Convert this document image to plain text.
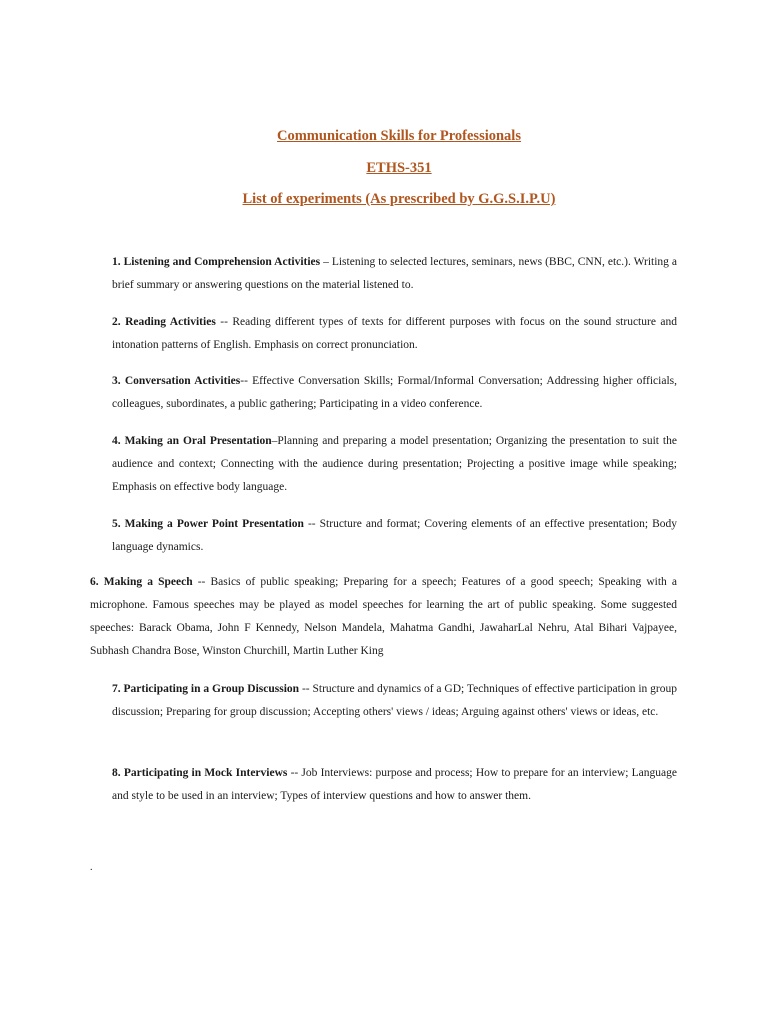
Communication Skills for Professionals

ETHS-351

List of experiments (As prescribed by G.G.S.I.P.U)

1. Listening and Comprehension Activities – Listening to selected lectures, seminars, news (BBC, CNN, etc.). Writing a brief summary or answering questions on the material listened to.

2. Reading Activities -- Reading different types of texts for different purposes with focus on the sound structure and intonation patterns of English. Emphasis on correct pronunciation.

3. Conversation Activities-- Effective Conversation Skills; Formal/Informal Conversation; Addressing higher officials, colleagues, subordinates, a public gathering; Participating in a video conference.

4. Making an Oral Presentation–Planning and preparing a model presentation; Organizing the presentation to suit the audience and context; Connecting with the audience during presentation; Projecting a positive image while speaking; Emphasis on effective body language.

5. Making a Power Point Presentation -- Structure and format; Covering elements of an effective presentation; Body language dynamics.

6. Making a Speech -- Basics of public speaking; Preparing for a speech; Features of a good speech; Speaking with a microphone. Famous speeches may be played as model speeches for learning the art of public speaking. Some suggested speeches: Barack Obama, John F Kennedy, Nelson Mandela, Mahatma Gandhi, JawaharLal Nehru, Atal Bihari Vajpayee, Subhash Chandra Bose, Winston Churchill, Martin Luther King

7. Participating in a Group Discussion -- Structure and dynamics of a GD; Techniques of effective participation in group discussion; Preparing for group discussion; Accepting others' views / ideas; Arguing against others' views or ideas, etc.

8. Participating in Mock Interviews -- Job Interviews: purpose and process; How to prepare for an interview; Language and style to be used in an interview; Types of interview questions and how to answer them.

.
